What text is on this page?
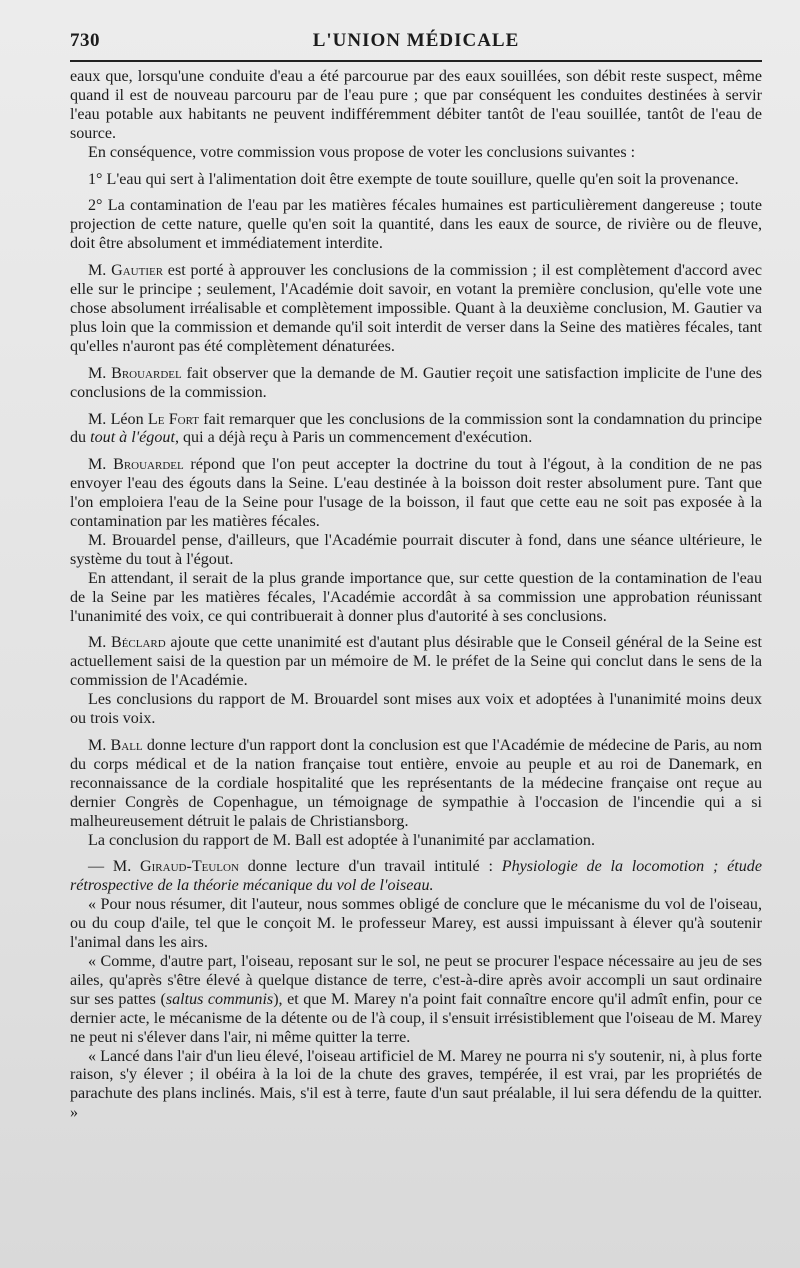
730	L'UNION MÉDICALE

eaux que, lorsqu'une conduite d'eau a été parcourue par des eaux souillées, son débit reste suspect, même quand il est de nouveau parcouru par de l'eau pure ; que par conséquent les conduites destinées à servir l'eau potable aux habitants ne peuvent indifféremment débiter tantôt de l'eau souillée, tantôt de l'eau de source.

En conséquence, votre commission vous propose de voter les conclusions suivantes :

1° L'eau qui sert à l'alimentation doit être exempte de toute souillure, quelle qu'en soit la provenance.

2° La contamination de l'eau par les matières fécales humaines est particulièrement dangereuse ; toute projection de cette nature, quelle qu'en soit la quantité, dans les eaux de source, de rivière ou de fleuve, doit être absolument et immédiatement interdite.

M. Gautier est porté à approuver les conclusions de la commission ; il est complètement d'accord avec elle sur le principe ; seulement, l'Académie doit savoir, en votant la première conclusion, qu'elle vote une chose absolument irréalisable et complètement impossible. Quant à la deuxième conclusion, M. Gautier va plus loin que la commission et demande qu'il soit interdit de verser dans la Seine des matières fécales, tant qu'elles n'auront pas été complètement dénaturées.

M. Brouardel fait observer que la demande de M. Gautier reçoit une satisfaction implicite de l'une des conclusions de la commission.

M. Léon Le Fort fait remarquer que les conclusions de la commission sont la condamnation du principe du tout à l'égout, qui a déjà reçu à Paris un commencement d'exécution.

M. Brouardel répond que l'on peut accepter la doctrine du tout à l'égout, à la condition de ne pas envoyer l'eau des égouts dans la Seine. L'eau destinée à la boisson doit rester absolument pure. Tant que l'on emploiera l'eau de la Seine pour l'usage de la boisson, il faut que cette eau ne soit pas exposée à la contamination par les matières fécales.

M. Brouardel pense, d'ailleurs, que l'Académie pourrait discuter à fond, dans une séance ultérieure, le système du tout à l'égout.

En attendant, il serait de la plus grande importance que, sur cette question de la contamination de l'eau de la Seine par les matières fécales, l'Académie accordât à sa commission une approbation réunissant l'unanimité des voix, ce qui contribuerait à donner plus d'autorité à ses conclusions.

M. Béclard ajoute que cette unanimité est d'autant plus désirable que le Conseil général de la Seine est actuellement saisi de la question par un mémoire de M. le préfet de la Seine qui conclut dans le sens de la commission de l'Académie.

Les conclusions du rapport de M. Brouardel sont mises aux voix et adoptées à l'unanimité moins deux ou trois voix.

M. Ball donne lecture d'un rapport dont la conclusion est que l'Académie de médecine de Paris, au nom du corps médical et de la nation française tout entière, envoie au peuple et au roi de Danemark, en reconnaissance de la cordiale hospitalité que les représentants de la médecine française ont reçue au dernier Congrès de Copenhague, un témoignage de sympathie à l'occasion de l'incendie qui a si malheureusement détruit le palais de Christiansborg.

La conclusion du rapport de M. Ball est adoptée à l'unanimité par acclamation.

— M. Giraud-Teulon donne lecture d'un travail intitulé : Physiologie de la locomotion ; étude rétrospective de la théorie mécanique du vol de l'oiseau.

« Pour nous résumer, dit l'auteur, nous sommes obligé de conclure que le mécanisme du vol de l'oiseau, ou du coup d'aile, tel que le conçoit M. le professeur Marey, est aussi impuissant à élever qu'à soutenir l'animal dans les airs.

« Comme, d'autre part, l'oiseau, reposant sur le sol, ne peut se procurer l'espace nécessaire au jeu de ses ailes, qu'après s'être élevé à quelque distance de terre, c'est-à-dire après avoir accompli un saut ordinaire sur ses pattes (saltus communis), et que M. Marey n'a point fait connaître encore qu'il admît enfin, pour ce dernier acte, le mécanisme de la détente ou de l'à coup, il s'ensuit irrésistiblement que l'oiseau de M. Marey ne peut ni s'élever dans l'air, ni même quitter la terre.

« Lancé dans l'air d'un lieu élevé, l'oiseau artificiel de M. Marey ne pourra ni s'y soutenir, ni, à plus forte raison, s'y élever ; il obéira à la loi de la chute des graves, tempérée, il est vrai, par les propriétés de parachute des plans inclinés. Mais, s'il est à terre, faute d'un saut préalable, il lui sera défendu de la quitter. »
